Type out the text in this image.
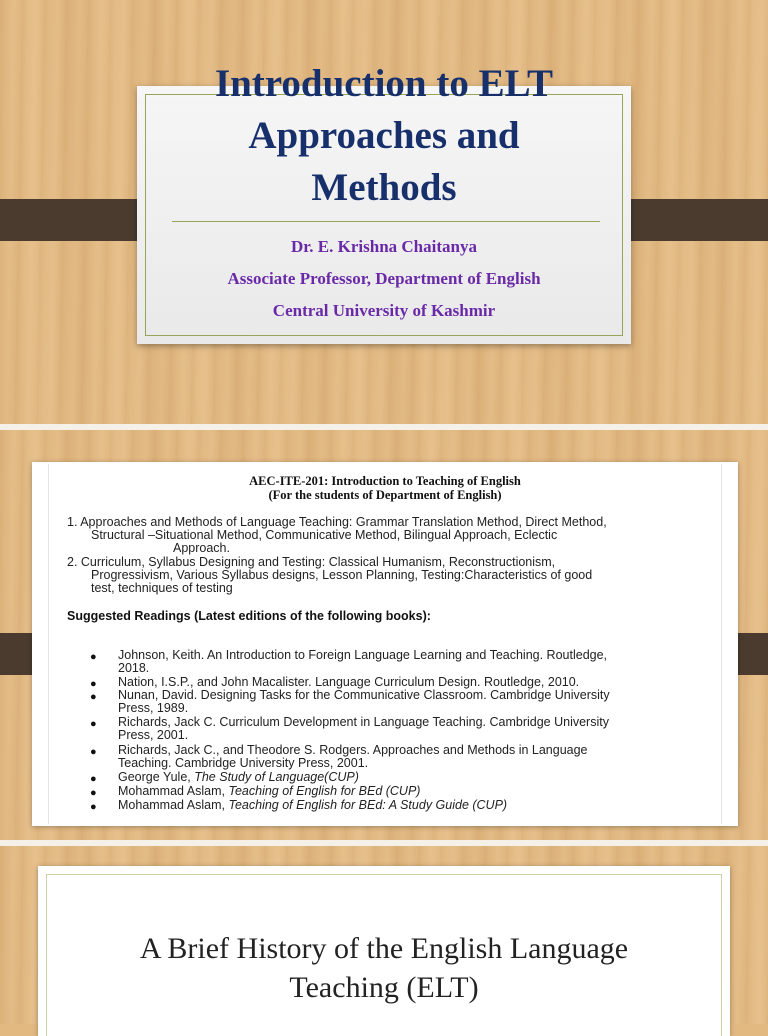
Introduction to ELT
Approaches and
Methods
Dr. E. Krishna Chaitanya
Associate Professor, Department of English
Central University of Kashmir
AEC-ITE-201: Introduction to Teaching of English
(For the students of Department of English)
1. Approaches and Methods of Language Teaching: Grammar Translation Method, Direct Method,
Structural –Situational Method, Communicative Method, Bilingual Approach, Eclectic
Approach.
2. Curriculum, Syllabus Designing and Testing: Classical Humanism, Reconstructionism,
Progressivism, Various Syllabus designs, Lesson Planning, Testing:Characteristics of good
test, techniques of testing
Suggested Readings (Latest editions of the following books):
● Johnson, Keith. An Introduction to Foreign Language Learning and Teaching. Routledge,
2018.
● Nation, I.S.P., and John Macalister. Language Curriculum Design. Routledge, 2010.
● Nunan, David. Designing Tasks for the Communicative Classroom. Cambridge University
Press, 1989.
● Richards, Jack C. Curriculum Development in Language Teaching. Cambridge University
Press, 2001.
● Richards, Jack C., and Theodore S. Rodgers. Approaches and Methods in Language
Teaching. Cambridge University Press, 2001.
● George Yule, The Study of Language(CUP)
● Mohammad Aslam, Teaching of English for BEd (CUP)
● Mohammad Aslam, Teaching of English for BEd: A Study Guide (CUP)
A Brief History of the English Language
Teaching (ELT)
